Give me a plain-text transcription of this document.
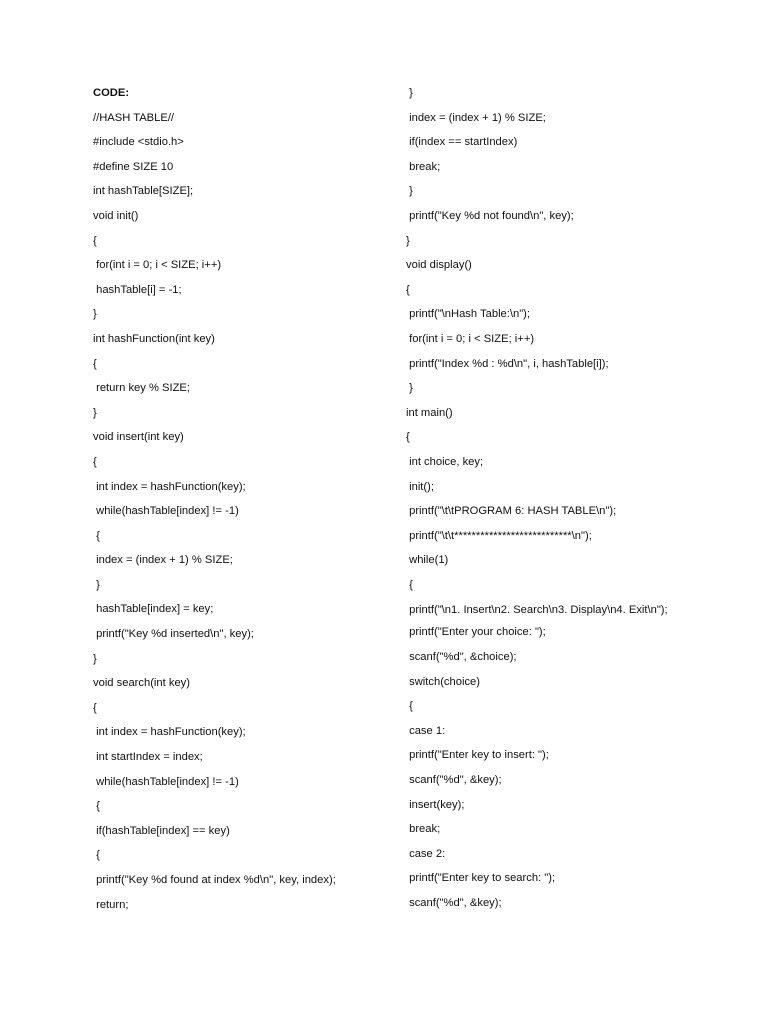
CODE:
//HASH TABLE//
#include <stdio.h>
#define SIZE 10
int hashTable[SIZE];
void init()
{
for(int i = 0; i < SIZE; i++)
hashTable[i] = -1;
}
int hashFunction(int key)
{
return key % SIZE;
}
void insert(int key)
{
int index = hashFunction(key);
while(hashTable[index] != -1)
{
index = (index + 1) % SIZE;
}
hashTable[index] = key;
printf("Key %d inserted\n", key);
}
void search(int key)
{
int index = hashFunction(key);
int startIndex = index;
while(hashTable[index] != -1)
{
if(hashTable[index] == key)
{
printf("Key %d found at index %d\n", key, index);
return;
}
index = (index + 1) % SIZE;
if(index == startIndex)
break;
}
printf("Key %d not found\n", key);
}
void display()
{
printf("\nHash Table:\n");
for(int i = 0; i < SIZE; i++)
printf("Index %d : %d\n", i, hashTable[i]);
}
int main()
{
int choice, key;
init();
printf("\t\tPROGRAM 6: HASH TABLE\n");
printf("\t\t***************************\n");
while(1)
{
printf("\n1. Insert\n2. Search\n3. Display\n4. Exit\n");
printf("Enter your choice: ");
scanf("%d", &choice);
switch(choice)
{
case 1:
printf("Enter key to insert: ");
scanf("%d", &key);
insert(key);
break;
case 2:
printf("Enter key to search: ");
scanf("%d", &key);
